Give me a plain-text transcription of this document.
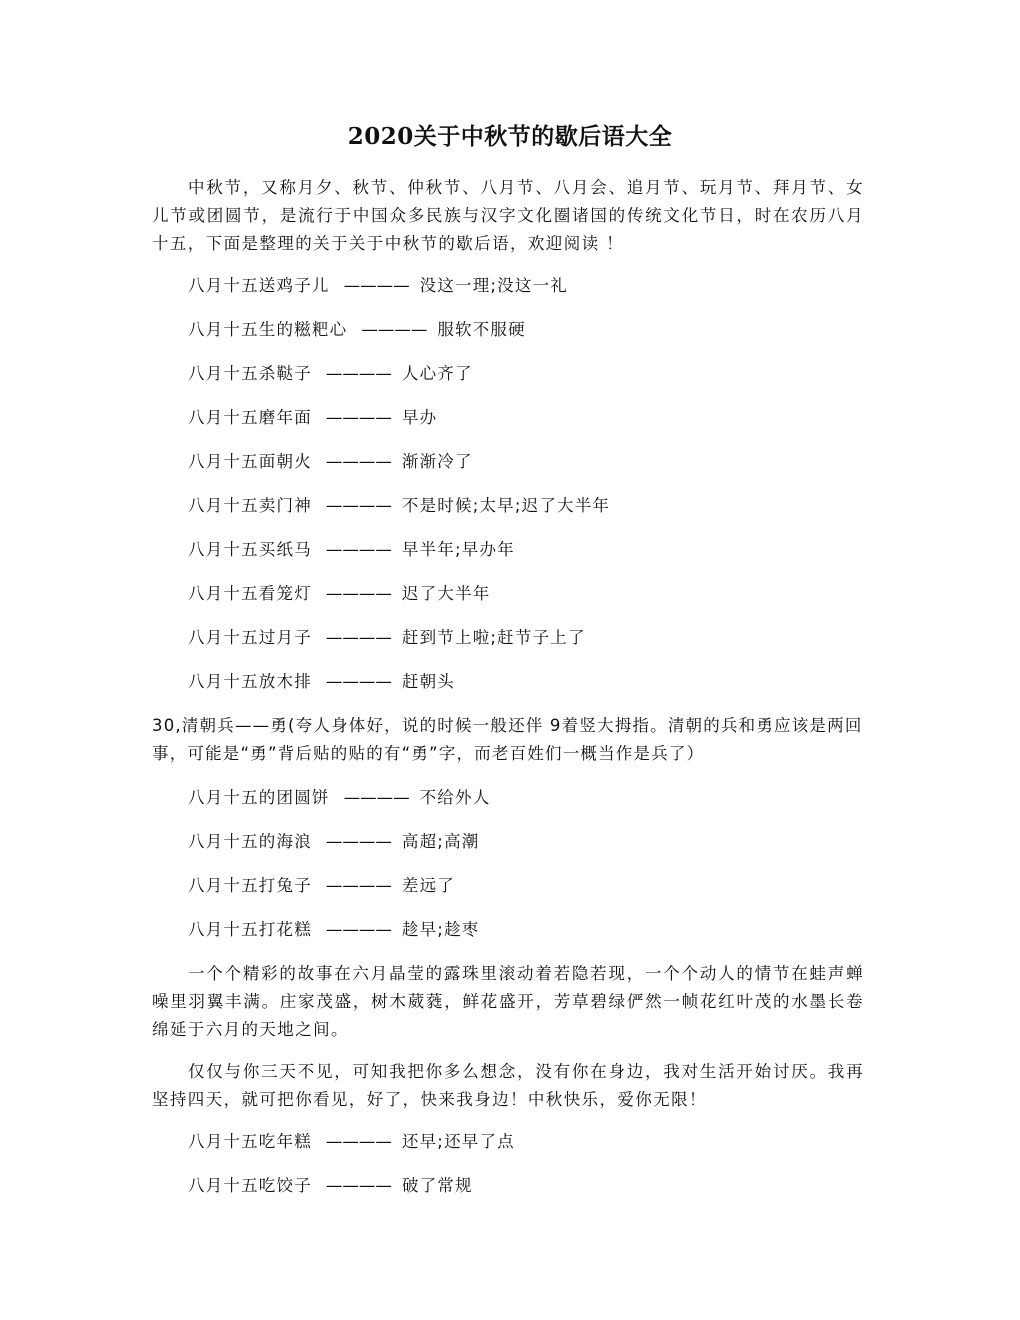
2020关于中秋节的歇后语大全
中秋节，又称月夕、秋节、仲秋节、八月节、八月会、追月节、玩月节、拜月节、女儿节或团圆节，是流行于中国众多民族与汉字文化圈诸国的传统文化节日，时在农历八月十五，下面是整理的关于关于中秋节的歇后语，欢迎阅读 ！
八月十五送鸡子儿 ———— 没这一理;没这一礼
八月十五生的糍粑心 ———— 服软不服硬
八月十五杀鞑子 ———— 人心齐了
八月十五磨年面 ———— 早办
八月十五面朝火 ———— 渐渐冷了
八月十五卖门神 ———— 不是时候;太早;迟了大半年
八月十五买纸马 ———— 早半年;早办年
八月十五看笼灯 ———— 迟了大半年
八月十五过月子 ———— 赶到节上啦;赶节子上了
八月十五放木排 ———— 赶朝头
30,清朝兵——勇(夸人身体好，说的时候一般还伴 9着竖大拇指。清朝的兵和勇应该是两回事，可能是“勇”背后贴的贴的有“勇”字，而老百姓们一概当作是兵了）
八月十五的团圆饼 ———— 不给外人
八月十五的海浪 ———— 高超;高潮
八月十五打兔子 ———— 差远了
八月十五打花糕 ———— 趁早;趁枣
一个个精彩的故事在六月晶莹的露珠里滚动着若隐若现，一个个动人的情节在蛙声蝉噪里羽翼丰满。庄家茂盛，树木葳蕤，鲜花盛开，芳草碧绿俨然一帧花红叶茂的水墨长卷绵延于六月的天地之间。
仅仅与你三天不见，可知我把你多么想念，没有你在身边，我对生活开始讨厌。我再坚持四天，就可把你看见，好了，快来我身边！中秋快乐，爱你无限！
八月十五吃年糕 ———— 还早;还早了点
八月十五吃饺子 ———— 破了常规
